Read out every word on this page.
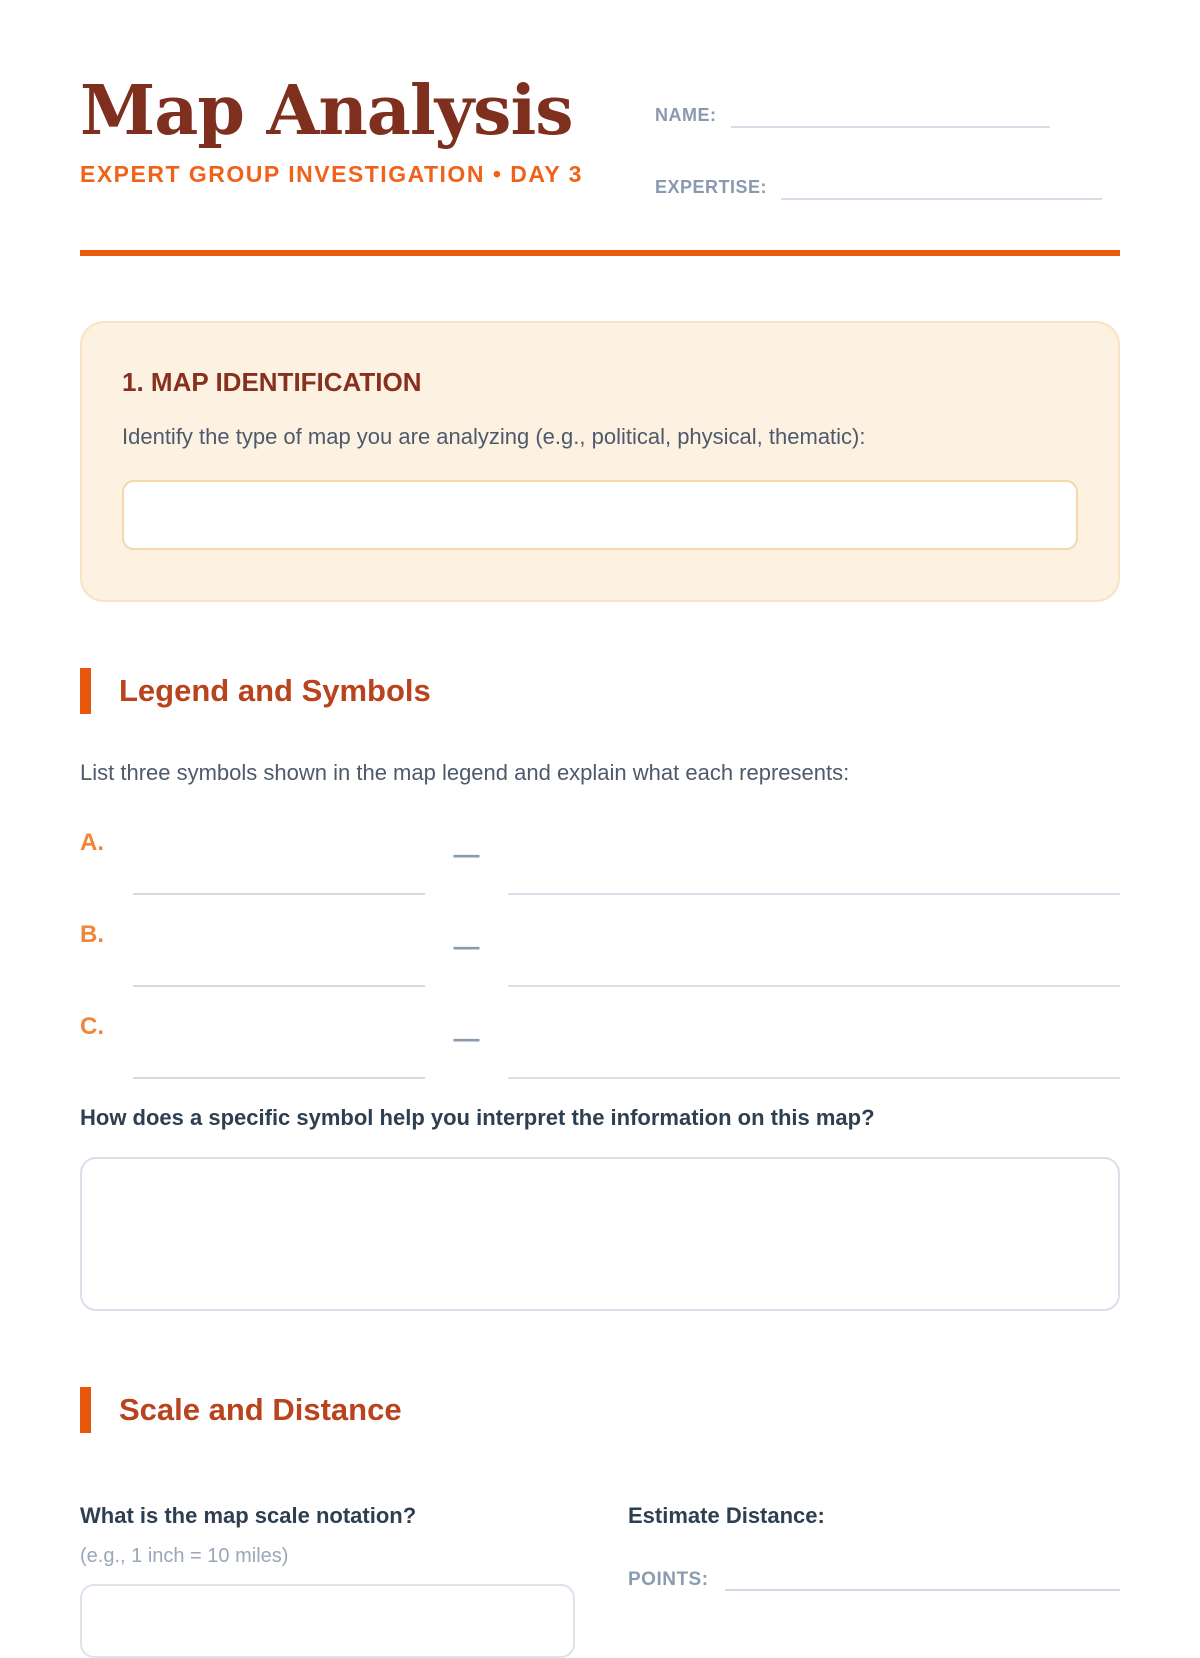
Map Analysis
EXPERT GROUP INVESTIGATION • DAY 3
NAME:
EXPERTISE:
1. MAP IDENTIFICATION

Identify the type of map you are analyzing (e.g., political, physical, thematic):

Legend and Symbols

List three symbols shown in the map legend and explain what each represents:

A.	—
B.	—
C.	—

How does a specific symbol help you interpret the information on this map?

Scale and Distance

What is the map scale notation?

(e.g., 1 inch = 10 miles)

Estimate Distance:

POINTS:
